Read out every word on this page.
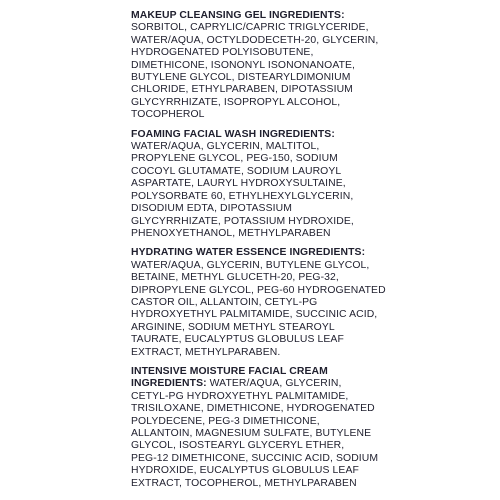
MAKEUP CLEANSING GEL INGREDIENTS:
SORBITOL, CAPRYLIC/CAPRIC TRIGLYCERIDE,
WATER/AQUA, OCTYLDODECETH-20, GLYCERIN,
HYDROGENATED POLYISOBUTENE,
DIMETHICONE, ISONONYL ISONONANOATE,
BUTYLENE GLYCOL, DISTEARYLDIMONIUM
CHLORIDE, ETHYLPARABEN, DIPOTASSIUM
GLYCYRRHIZATE, ISOPROPYL ALCOHOL,
TOCOPHEROL
FOAMING FACIAL WASH INGREDIENTS:
WATER/AQUA, GLYCERIN, MALTITOL,
PROPYLENE GLYCOL, PEG-150, SODIUM
COCOYL GLUTAMATE, SODIUM LAUROYL
ASPARTATE, LAURYL HYDROXYSULTAINE,
POLYSORBATE 60, ETHYLHEXYLGLYCERIN,
DISODIUM EDTA, DIPOTASSIUM
GLYCYRRHIZATE, POTASSIUM HYDROXIDE,
PHENOXYETHANOL, METHYLPARABEN
HYDRATING WATER ESSENCE INGREDIENTS:
WATER/AQUA, GLYCERIN, BUTYLENE GLYCOL,
BETAINE, METHYL GLUCETH-20, PEG-32,
DIPROPYLENE GLYCOL, PEG-60 HYDROGENATED
CASTOR OIL, ALLANTOIN, CETYL-PG
HYDROXYETHYL PALMITAMIDE, SUCCINIC ACID,
ARGININE, SODIUM METHYL STEAROYL
TAURATE, EUCALYPTUS GLOBULUS LEAF
EXTRACT, METHYLPARABEN.
INTENSIVE MOISTURE FACIAL CREAM
INGREDIENTS: WATER/AQUA, GLYCERIN,
CETYL-PG HYDROXYETHYL PALMITAMIDE,
TRISILOXANE, DIMETHICONE, HYDROGENATED
POLYDECENE, PEG-3 DIMETHICONE,
ALLANTOIN, MAGNESIUM SULFATE, BUTYLENE
GLYCOL, ISOSTEARYL GLYCERYL ETHER,
PEG-12 DIMETHICONE, SUCCINIC ACID, SODIUM
HYDROXIDE, EUCALYPTUS GLOBULUS LEAF
EXTRACT, TOCOPHEROL, METHYLPARABEN
